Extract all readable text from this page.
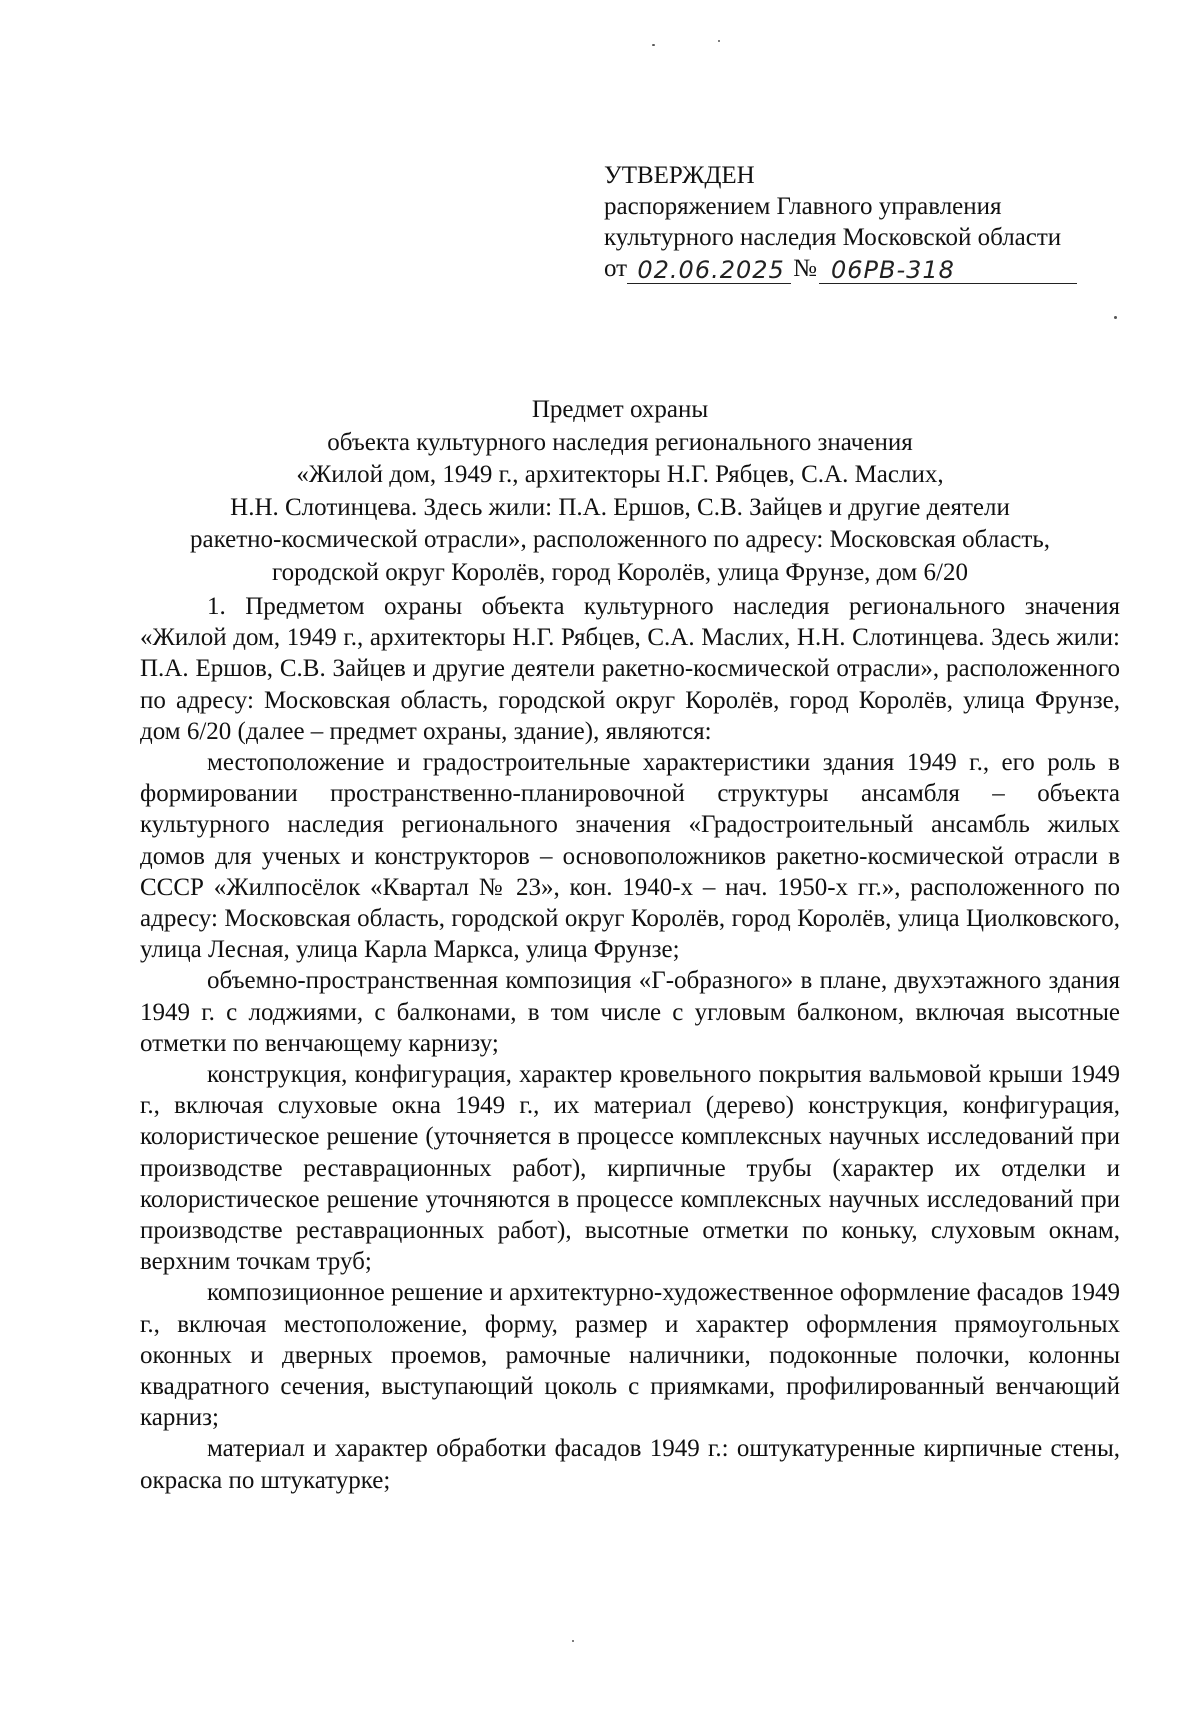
УТВЕРЖДЕН
распоряжением Главного управления
культурного наследия Московской области
от 02.06.2025 № 06РВ-318
Предмет охраны
объекта культурного наследия регионального значения
«Жилой дом, 1949 г., архитекторы Н.Г. Рябцев, С.А. Маслих,
Н.Н. Слотинцева. Здесь жили: П.А. Ершов, С.В. Зайцев и другие деятели
ракетно-космической отрасли», расположенного по адресу: Московская область,
городской округ Королёв, город Королёв, улица Фрунзе, дом 6/20

1. Предметом охраны объекта культурного наследия регионального значения «Жилой дом, 1949 г., архитекторы Н.Г. Рябцев, С.А. Маслих, Н.Н. Слотинцева. Здесь жили: П.А. Ершов, С.В. Зайцев и другие деятели ракетно-космической отрасли», расположенного по адресу: Московская область, городской округ Королёв, город Королёв, улица Фрунзе, дом 6/20 (далее – предмет охраны, здание), являются:

местоположение и градостроительные характеристики здания 1949 г., его роль в формировании пространственно-планировочной структуры ансамбля – объекта культурного наследия регионального значения «Градостроительный ансамбль жилых домов для ученых и конструкторов – основоположников ракетно-космической отрасли в СССР «Жилпосёлок «Квартал № 23», кон. 1940-х – нач. 1950-х гг.», расположенного по адресу: Московская область, городской округ Королёв, город Королёв, улица Циолковского, улица Лесная, улица Карла Маркса, улица Фрунзе;

объемно-пространственная композиция «Г-образного» в плане, двухэтажного здания 1949 г. с лоджиями, с балконами, в том числе с угловым балконом, включая высотные отметки по венчающему карнизу;

конструкция, конфигурация, характер кровельного покрытия вальмовой крыши 1949 г., включая слуховые окна 1949 г., их материал (дерево) конструкция, конфигурация, колористическое решение (уточняется в процессе комплексных научных исследований при производстве реставрационных работ), кирпичные трубы (характер их отделки и колористическое решение уточняются в процессе комплексных научных исследований при производстве реставрационных работ), высотные отметки по коньку, слуховым окнам, верхним точкам труб;

композиционное решение и архитектурно-художественное оформление фасадов 1949 г., включая местоположение, форму, размер и характер оформления прямоугольных оконных и дверных проемов, рамочные наличники, подоконные полочки, колонны квадратного сечения, выступающий цоколь с приямками, профилированный венчающий карниз;

материал и характер обработки фасадов 1949 г.: оштукатуренные кирпичные стены, окраска по штукатурке;
